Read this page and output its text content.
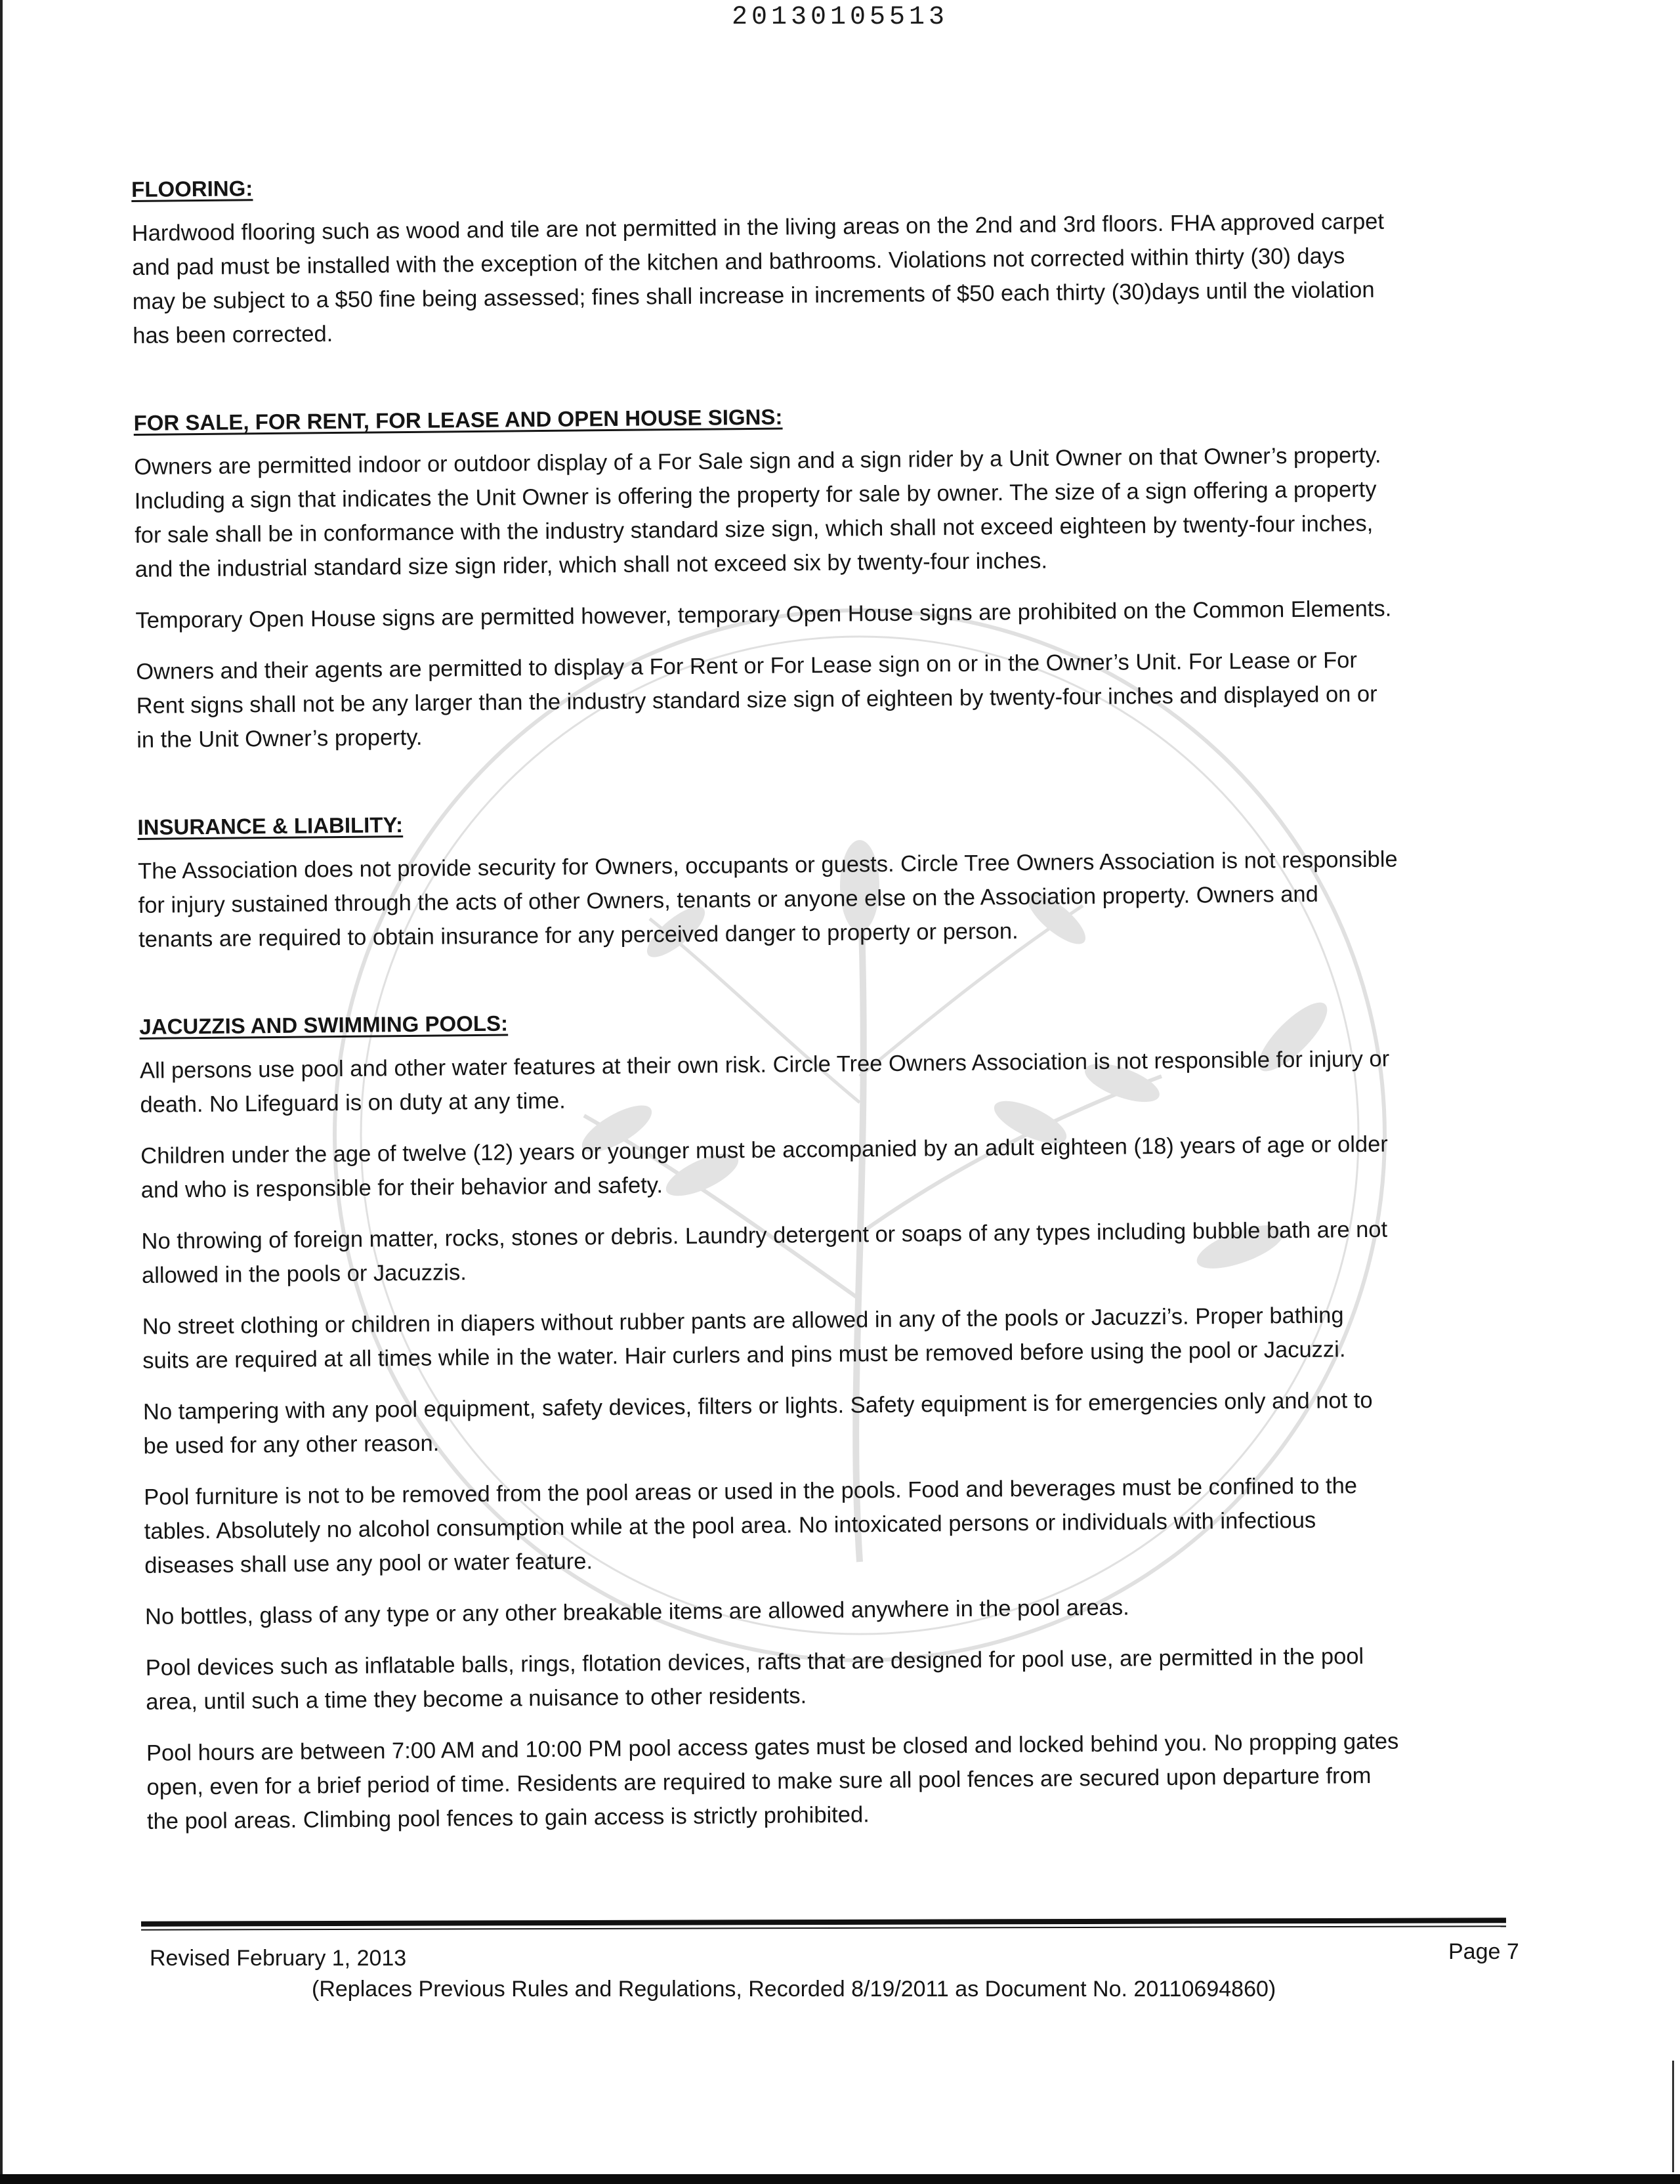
20130105513
FLOORING:

Hardwood flooring such as wood and tile are not permitted in the living areas on the 2nd and 3rd floors. FHA approved carpet
and pad must be installed with the exception of the kitchen and bathrooms. Violations not corrected within thirty (30) days
may be subject to a $50 fine being assessed; fines shall increase in increments of $50 each thirty (30)days until the violation
has been corrected.

FOR SALE, FOR RENT, FOR LEASE AND OPEN HOUSE SIGNS:

Owners are permitted indoor or outdoor display of a For Sale sign and a sign rider by a Unit Owner on that Owner’s property.
Including a sign that indicates the Unit Owner is offering the property for sale by owner. The size of a sign offering a property
for sale shall be in conformance with the industry standard size sign, which shall not exceed eighteen by twenty-four inches,
and the industrial standard size sign rider, which shall not exceed six by twenty-four inches.

Temporary Open House signs are permitted however, temporary Open House signs are prohibited on the Common Elements.

Owners and their agents are permitted to display a For Rent or For Lease sign on or in the Owner’s Unit. For Lease or For
Rent signs shall not be any larger than the industry standard size sign of eighteen by twenty-four inches and displayed on or
in the Unit Owner’s property.

INSURANCE & LIABILITY:

The Association does not provide security for Owners, occupants or guests. Circle Tree Owners Association is not responsible
for injury sustained through the acts of other Owners, tenants or anyone else on the Association property. Owners and
tenants are required to obtain insurance for any perceived danger to property or person.

JACUZZIS AND SWIMMING POOLS:

All persons use pool and other water features at their own risk. Circle Tree Owners Association is not responsible for injury or
death. No Lifeguard is on duty at any time.

Children under the age of twelve (12) years or younger must be accompanied by an adult eighteen (18) years of age or older
and who is responsible for their behavior and safety.

No throwing of foreign matter, rocks, stones or debris. Laundry detergent or soaps of any types including bubble bath are not
allowed in the pools or Jacuzzis.

No street clothing or children in diapers without rubber pants are allowed in any of the pools or Jacuzzi’s. Proper bathing
suits are required at all times while in the water. Hair curlers and pins must be removed before using the pool or Jacuzzi.

No tampering with any pool equipment, safety devices, filters or lights. Safety equipment is for emergencies only and not to
be used for any other reason.

Pool furniture is not to be removed from the pool areas or used in the pools. Food and beverages must be confined to the
tables. Absolutely no alcohol consumption while at the pool area. No intoxicated persons or individuals with infectious
diseases shall use any pool or water feature.

No bottles, glass of any type or any other breakable items are allowed anywhere in the pool areas.

Pool devices such as inflatable balls, rings, flotation devices, rafts that are designed for pool use, are permitted in the pool
area, until such a time they become a nuisance to other residents.

Pool hours are between 7:00 AM and 10:00 PM pool access gates must be closed and locked behind you. No propping gates
open, even for a brief period of time. Residents are required to make sure all pool fences are secured upon departure from
the pool areas. Climbing pool fences to gain access is strictly prohibited.

Revised February 1, 2013	Page 7
(Replaces Previous Rules and Regulations, Recorded 8/19/2011 as Document No. 20110694860)
